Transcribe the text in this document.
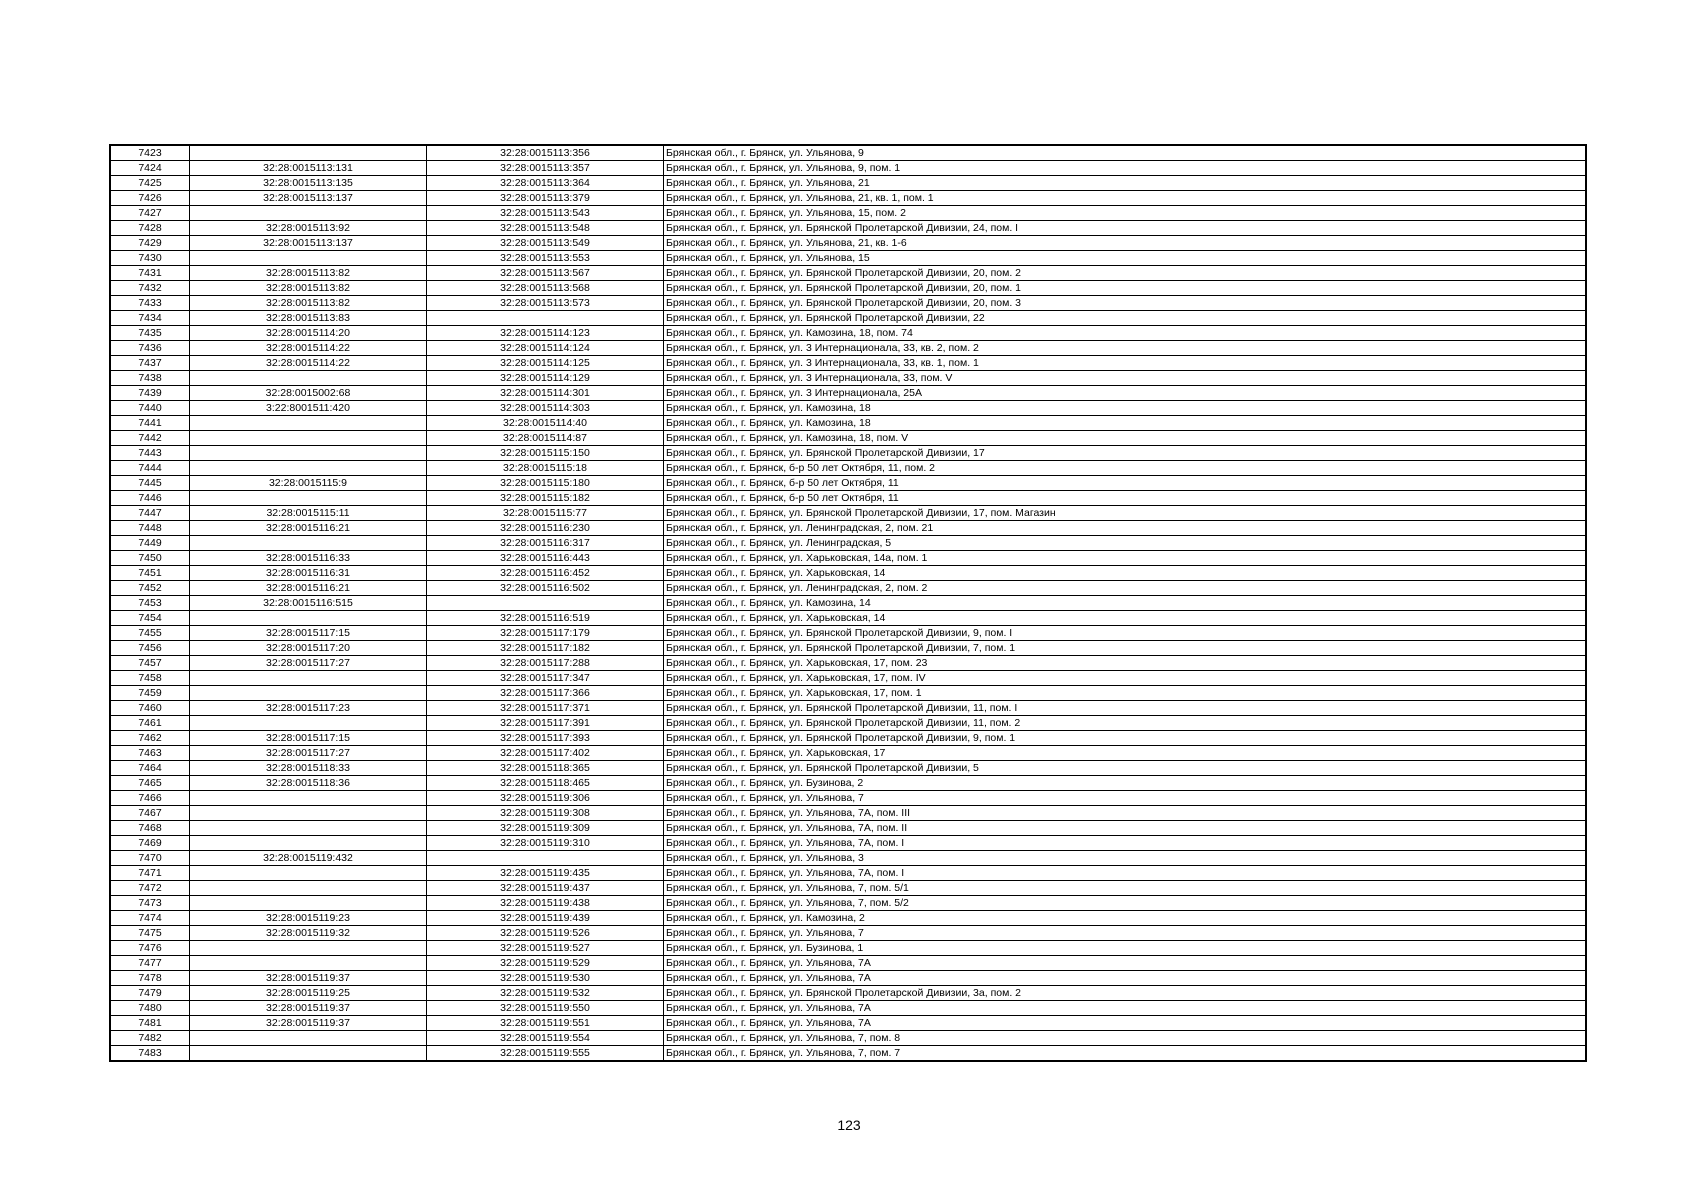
7423		32:28:0015113:356	Брянская обл., г. Брянск, ул. Ульянова, 9
7424	32:28:0015113:131	32:28:0015113:357	Брянская обл., г. Брянск, ул. Ульянова, 9, пом. 1
7425	32:28:0015113:135	32:28:0015113:364	Брянская обл., г. Брянск, ул. Ульянова, 21
7426	32:28:0015113:137	32:28:0015113:379	Брянская обл., г. Брянск, ул. Ульянова, 21, кв. 1, пом. 1
7427		32:28:0015113:543	Брянская обл., г. Брянск, ул. Ульянова, 15, пом. 2
7428	32:28:0015113:92	32:28:0015113:548	Брянская обл., г. Брянск, ул. Брянской Пролетарской Дивизии, 24, пом. I
7429	32:28:0015113:137	32:28:0015113:549	Брянская обл., г. Брянск, ул. Ульянова, 21, кв. 1-6
7430		32:28:0015113:553	Брянская обл., г. Брянск, ул. Ульянова, 15
7431	32:28:0015113:82	32:28:0015113:567	Брянская обл., г. Брянск, ул. Брянской Пролетарской Дивизии, 20, пом. 2
7432	32:28:0015113:82	32:28:0015113:568	Брянская обл., г. Брянск, ул. Брянской Пролетарской Дивизии, 20, пом. 1
7433	32:28:0015113:82	32:28:0015113:573	Брянская обл., г. Брянск, ул. Брянской Пролетарской Дивизии, 20, пом. 3
7434	32:28:0015113:83		Брянская обл., г. Брянск, ул. Брянской Пролетарской Дивизии, 22
7435	32:28:0015114:20	32:28:0015114:123	Брянская обл., г. Брянск, ул. Камозина, 18, пом. 74
7436	32:28:0015114:22	32:28:0015114:124	Брянская обл., г. Брянск, ул. 3 Интернационала, 33, кв. 2, пом. 2
7437	32:28:0015114:22	32:28:0015114:125	Брянская обл., г. Брянск, ул. 3 Интернационала, 33, кв. 1, пом. 1
7438		32:28:0015114:129	Брянская обл., г. Брянск, ул. 3 Интернационала, 33, пом. V
7439	32:28:0015002:68	32:28:0015114:301	Брянская обл., г. Брянск, ул. 3 Интернационала, 25А
7440	3:22:8001511:420	32:28:0015114:303	Брянская обл., г. Брянск, ул. Камозина, 18
7441		32:28:0015114:40	Брянская обл., г. Брянск, ул. Камозина, 18
7442		32:28:0015114:87	Брянская обл., г. Брянск, ул. Камозина, 18, пом. V
7443		32:28:0015115:150	Брянская обл., г. Брянск, ул. Брянской Пролетарской Дивизии, 17
7444		32:28:0015115:18	Брянская обл., г. Брянск, б-р 50 лет Октября, 11, пом. 2
7445	32:28:0015115:9	32:28:0015115:180	Брянская обл., г. Брянск, б-р 50 лет Октября, 11
7446		32:28:0015115:182	Брянская обл., г. Брянск, б-р 50 лет Октября, 11
7447	32:28:0015115:11	32:28:0015115:77	Брянская обл., г. Брянск, ул. Брянской Пролетарской Дивизии, 17, пом. Магазин
7448	32:28:0015116:21	32:28:0015116:230	Брянская обл., г. Брянск, ул. Ленинградская, 2, пом. 21
7449		32:28:0015116:317	Брянская обл., г. Брянск, ул. Ленинградская, 5
7450	32:28:0015116:33	32:28:0015116:443	Брянская обл., г. Брянск, ул. Харьковская, 14а, пом. 1
7451	32:28:0015116:31	32:28:0015116:452	Брянская обл., г. Брянск, ул. Харьковская, 14
7452	32:28:0015116:21	32:28:0015116:502	Брянская обл., г. Брянск, ул. Ленинградская, 2, пом. 2
7453	32:28:0015116:515		Брянская обл., г. Брянск, ул. Камозина, 14
7454		32:28:0015116:519	Брянская обл., г. Брянск, ул. Харьковская, 14
7455	32:28:0015117:15	32:28:0015117:179	Брянская обл., г. Брянск, ул. Брянской Пролетарской Дивизии, 9, пом. I
7456	32:28:0015117:20	32:28:0015117:182	Брянская обл., г. Брянск, ул. Брянской Пролетарской Дивизии, 7, пом. 1
7457	32:28:0015117:27	32:28:0015117:288	Брянская обл., г. Брянск, ул. Харьковская, 17, пом. 23
7458		32:28:0015117:347	Брянская обл., г. Брянск, ул. Харьковская, 17, пом. IV
7459		32:28:0015117:366	Брянская обл., г. Брянск, ул. Харьковская, 17, пом. 1
7460	32:28:0015117:23	32:28:0015117:371	Брянская обл., г. Брянск, ул. Брянской Пролетарской Дивизии, 11, пом. I
7461		32:28:0015117:391	Брянская обл., г. Брянск, ул. Брянской Пролетарской Дивизии, 11, пом. 2
7462	32:28:0015117:15	32:28:0015117:393	Брянская обл., г. Брянск, ул. Брянской Пролетарской Дивизии, 9, пом. 1
7463	32:28:0015117:27	32:28:0015117:402	Брянская обл., г. Брянск, ул. Харьковская, 17
7464	32:28:0015118:33	32:28:0015118:365	Брянская обл., г. Брянск, ул. Брянской Пролетарской Дивизии, 5
7465	32:28:0015118:36	32:28:0015118:465	Брянская обл., г. Брянск, ул. Бузинова, 2
7466		32:28:0015119:306	Брянская обл., г. Брянск, ул. Ульянова, 7
7467		32:28:0015119:308	Брянская обл., г. Брянск, ул. Ульянова, 7А, пом. III
7468		32:28:0015119:309	Брянская обл., г. Брянск, ул. Ульянова, 7А, пом. II
7469		32:28:0015119:310	Брянская обл., г. Брянск, ул. Ульянова, 7А, пом. I
7470	32:28:0015119:432		Брянская обл., г. Брянск, ул. Ульянова, 3
7471		32:28:0015119:435	Брянская обл., г. Брянск, ул. Ульянова, 7А, пом. I
7472		32:28:0015119:437	Брянская обл., г. Брянск, ул. Ульянова, 7, пом. 5/1
7473		32:28:0015119:438	Брянская обл., г. Брянск, ул. Ульянова, 7, пом. 5/2
7474	32:28:0015119:23	32:28:0015119:439	Брянская обл., г. Брянск, ул. Камозина, 2
7475	32:28:0015119:32	32:28:0015119:526	Брянская обл., г. Брянск, ул. Ульянова, 7
7476		32:28:0015119:527	Брянская обл., г. Брянск, ул. Бузинова, 1
7477		32:28:0015119:529	Брянская обл., г. Брянск, ул. Ульянова, 7А
7478	32:28:0015119:37	32:28:0015119:530	Брянская обл., г. Брянск, ул. Ульянова, 7А
7479	32:28:0015119:25	32:28:0015119:532	Брянская обл., г. Брянск, ул. Брянской Пролетарской Дивизии, 3а, пом. 2
7480	32:28:0015119:37	32:28:0015119:550	Брянская обл., г. Брянск, ул. Ульянова, 7А
7481	32:28:0015119:37	32:28:0015119:551	Брянская обл., г. Брянск, ул. Ульянова, 7А
7482		32:28:0015119:554	Брянская обл., г. Брянск, ул. Ульянова, 7, пом. 8
7483		32:28:0015119:555	Брянская обл., г. Брянск, ул. Ульянова, 7, пом. 7
123
